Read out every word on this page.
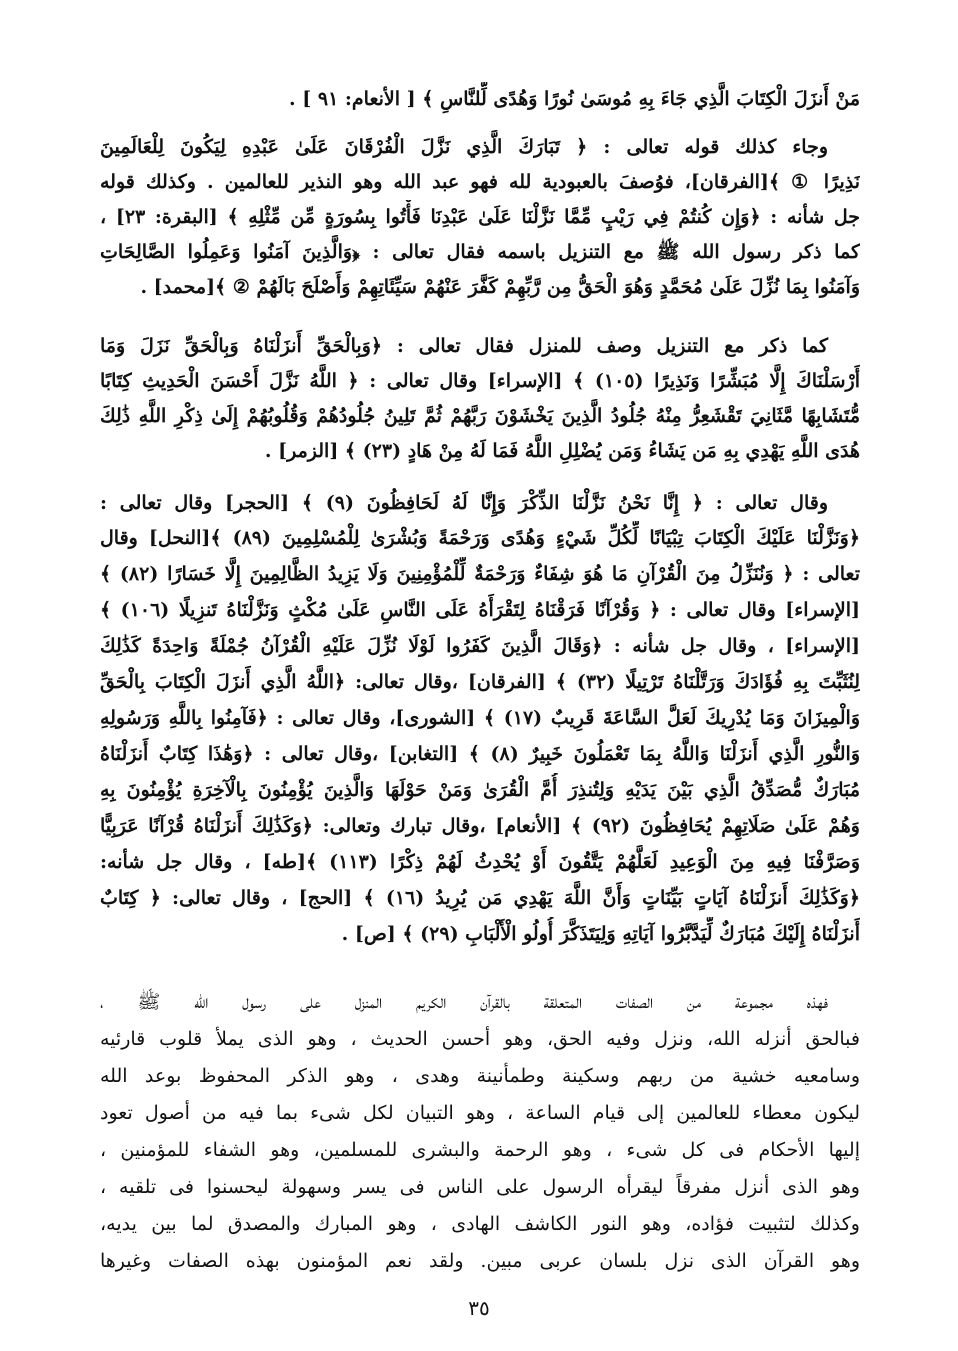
مَنْ أَنزَلَ الْكِتَابَ الَّذِي جَاءَ بِهِ مُوسَىٰ نُورًا وَهُدًى لِّلنَّاسِ ﴾ [ الأنعام: ٩١ ] .
وجاء كذلك قوله تعالى : ﴿ تَبَارَكَ الَّذِي نَزَّلَ الْفُرْقَانَ عَلَىٰ عَبْدِهِ لِيَكُونَ لِلْعَالَمِينَ
نَذِيرًا ① ﴾[الفرقان]، فوُصفَ بالعبودية لله فهو عبد الله وهو النذير للعالمين . وكذلك قوله
جل شأنه : ﴿وَإِن كُنتُمْ فِي رَيْبٍ مِّمَّا نَزَّلْنَا عَلَىٰ عَبْدِنَا فَأْتُوا بِسُورَةٍ مِّن مِّثْلِهِ ﴾ [البقرة: ٢٣] ،
كما ذكر رسول الله ﷺ مع التنزيل باسمه فقال تعالى : ﴿وَالَّذِينَ آمَنُوا وَعَمِلُوا الصَّالِحَاتِ
وَآمَنُوا بِمَا نُزِّلَ عَلَىٰ مُحَمَّدٍ وَهُوَ الْحَقُّ مِن رَّبِّهِمْ كَفَّرَ عَنْهُمْ سَيِّئَاتِهِمْ وَأَصْلَحَ بَالَهُمْ ② ﴾[محمد] .
كما ذكر مع التنزيل وصف للمنزل فقال تعالى : ﴿وَبِالْحَقِّ أَنزَلْنَاهُ وَبِالْحَقِّ نَزَلَ وَمَا
أَرْسَلْنَاكَ إِلَّا مُبَشِّرًا وَنَذِيرًا (١٠٥) ﴾ [الإسراء] وقال تعالى : ﴿ اللَّهُ نَزَّلَ أَحْسَنَ الْحَدِيثِ كِتَابًا
مُّتَشَابِهًا مَّثَانِيَ تَقْشَعِرُّ مِنْهُ جُلُودُ الَّذِينَ يَخْشَوْنَ رَبَّهُمْ ثُمَّ تَلِينُ جُلُودُهُمْ وَقُلُوبُهُمْ إِلَىٰ ذِكْرِ اللَّهِ ذَٰلِكَ
هُدَى اللَّهِ يَهْدِي بِهِ مَن يَشَاءُ وَمَن يُضْلِلِ اللَّهُ فَمَا لَهُ مِنْ هَادٍ (٢٣) ﴾ [الزمر] .
وقال تعالى : ﴿ إِنَّا نَحْنُ نَزَّلْنَا الذِّكْرَ وَإِنَّا لَهُ لَحَافِظُونَ (٩) ﴾ [الحجر] وقال تعالى :
﴿وَنَزَّلْنَا عَلَيْكَ الْكِتَابَ تِبْيَانًا لِّكُلِّ شَيْءٍ وَهُدًى وَرَحْمَةً وَبُشْرَىٰ لِلْمُسْلِمِينَ (٨٩) ﴾[النحل] وقال
تعالى : ﴿ وَنُنَزِّلُ مِنَ الْقُرْآنِ مَا هُوَ شِفَاءٌ وَرَحْمَةٌ لِّلْمُؤْمِنِينَ وَلَا يَزِيدُ الظَّالِمِينَ إِلَّا خَسَارًا (٨٢) ﴾
[الإسراء] وقال تعالى : ﴿ وَقُرْآنًا فَرَقْنَاهُ لِتَقْرَأَهُ عَلَى النَّاسِ عَلَىٰ مُكْثٍ وَنَزَّلْنَاهُ تَنزِيلًا (١٠٦) ﴾
[الإسراء] ، وقال جل شأنه : ﴿وَقَالَ الَّذِينَ كَفَرُوا لَوْلَا نُزِّلَ عَلَيْهِ الْقُرْآنُ جُمْلَةً وَاحِدَةً كَذَٰلِكَ
لِنُثَبِّتَ بِهِ فُؤَادَكَ وَرَتَّلْنَاهُ تَرْتِيلًا (٣٢) ﴾ [الفرقان] ،وقال تعالى: ﴿اللَّهُ الَّذِي أَنزَلَ الْكِتَابَ بِالْحَقِّ
وَالْمِيزَانَ وَمَا يُدْرِيكَ لَعَلَّ السَّاعَةَ قَرِيبٌ (١٧) ﴾ [الشورى]، وقال تعالى : ﴿فَآمِنُوا بِاللَّهِ وَرَسُولِهِ
وَالنُّورِ الَّذِي أَنزَلْنَا وَاللَّهُ بِمَا تَعْمَلُونَ خَبِيرٌ (٨) ﴾ [التغابن] ،وقال تعالى : ﴿وَهَٰذَا كِتَابٌ أَنزَلْنَاهُ
مُبَارَكٌ مُّصَدِّقُ الَّذِي بَيْنَ يَدَيْهِ وَلِتُنذِرَ أُمَّ الْقُرَىٰ وَمَنْ حَوْلَهَا وَالَّذِينَ يُؤْمِنُونَ بِالْآخِرَةِ يُؤْمِنُونَ بِهِ
وَهُمْ عَلَىٰ صَلَاتِهِمْ يُحَافِظُونَ (٩٢) ﴾ [الأنعام] ،وقال تبارك وتعالى: ﴿وَكَذَٰلِكَ أَنزَلْنَاهُ قُرْآنًا عَرَبِيًّا
وَصَرَّفْنَا فِيهِ مِنَ الْوَعِيدِ لَعَلَّهُمْ يَتَّقُونَ أَوْ يُحْدِثُ لَهُمْ ذِكْرًا (١١٣) ﴾[طه] ، وقال جل شأنه:
﴿وَكَذَٰلِكَ أَنزَلْنَاهُ آيَاتٍ بَيِّنَاتٍ وَأَنَّ اللَّهَ يَهْدِي مَن يُرِيدُ (١٦) ﴾ [الحج] ، وقال تعالى: ﴿ كِتَابٌ
أَنزَلْنَاهُ إِلَيْكَ مُبَارَكٌ لِّيَدَّبَّرُوا آيَاتِهِ وَلِيَتَذَكَّرَ أُولُو الْأَلْبَابِ (٢٩) ﴾ [ص] .
فهذه مجموعة من الصفات المتعلقة بالقرآن الكريم المنزل على رسول الله ﷺ ،
فبالحق أنزله الله، ونزل وفيه الحق، وهو أحسن الحديث ، وهو الذى يملأ قلوب قارئيه
وسامعيه خشية من ربهم وسكينة وطمأنينة وهدى ، وهو الذكر المحفوظ بوعد الله
ليكون معطاء للعالمين إلى قيام الساعة ، وهو التبيان لكل شىء بما فيه من أصول تعود
إليها الأحكام فى كل شىء ، وهو الرحمة والبشرى للمسلمين، وهو الشفاء للمؤمنين ،
وهو الذى أنزل مفرقاً ليقرأه الرسول على الناس فى يسر وسهولة ليحسنوا فى تلقيه ،
وكذلك لتثبيت فؤاده، وهو النور الكاشف الهادى ، وهو المبارك والمصدق لما بين يديه،
وهو القرآن الذى نزل بلسان عربى مبين. ولقد نعم المؤمنون بهذه الصفات وغيرها
٣٥
